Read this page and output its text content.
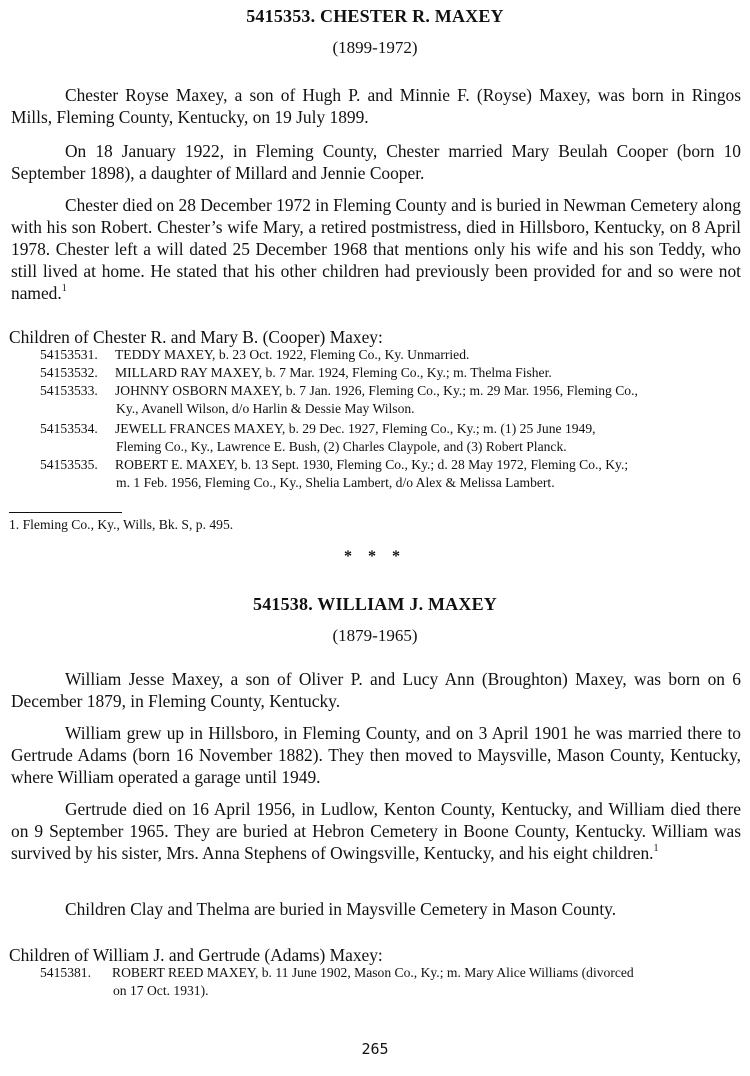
5415353. CHESTER R. MAXEY
(1899-1972)
Chester Royse Maxey, a son of Hugh P. and Minnie F. (Royse) Maxey, was born in Ringos Mills, Fleming County, Kentucky, on 19 July 1899.
On 18 January 1922, in Fleming County, Chester married Mary Beulah Cooper (born 10 September 1898), a daughter of Millard and Jennie Cooper.
Chester died on 28 December 1972 in Fleming County and is buried in Newman Cemetery along with his son Robert. Chester’s wife Mary, a retired postmistress, died in Hillsboro, Kentucky, on 8 April 1978. Chester left a will dated 25 December 1968 that mentions only his wife and his son Teddy, who still lived at home. He stated that his other children had previously been provided for and so were not named.$^1$
Children of Chester R. and Mary B. (Cooper) Maxey:
54153531. TEDDY MAXEY, b. 23 Oct. 1922, Fleming Co., Ky. Unmarried.
54153532. MILLARD RAY MAXEY, b. 7 Mar. 1924, Fleming Co., Ky.; m. Thelma Fisher.
54153533. JOHNNY OSBORN MAXEY, b. 7 Jan. 1926, Fleming Co., Ky.; m. 29 Mar. 1956, Fleming Co.,
Ky., Avanell Wilson, d/o Harlin & Dessie May Wilson.
54153534. JEWELL FRANCES MAXEY, b. 29 Dec. 1927, Fleming Co., Ky.; m. (1) 25 June 1949,
Fleming Co., Ky., Lawrence E. Bush, (2) Charles Claypole, and (3) Robert Planck.
54153535. ROBERT E. MAXEY, b. 13 Sept. 1930, Fleming Co., Ky.; d. 28 May 1972, Fleming Co., Ky.;
m. 1 Feb. 1956, Fleming Co., Ky., Shelia Lambert, d/o Alex & Melissa Lambert.
1. Fleming Co., Ky., Wills, Bk. S, p. 495.
* * *
541538. WILLIAM J. MAXEY
(1879-1965)
William Jesse Maxey, a son of Oliver P. and Lucy Ann (Broughton) Maxey, was born on 6 December 1879, in Fleming County, Kentucky.
William grew up in Hillsboro, in Fleming County, and on 3 April 1901 he was married there to Gertrude Adams (born 16 November 1882). They then moved to Maysville, Mason County, Kentucky, where William operated a garage until 1949.
Gertrude died on 16 April 1956, in Ludlow, Kenton County, Kentucky, and William died there on 9 September 1965. They are buried at Hebron Cemetery in Boone County, Kentucky. William was survived by his sister, Mrs. Anna Stephens of Owingsville, Kentucky, and his eight children.$^1$
Children Clay and Thelma are buried in Maysville Cemetery in Mason County.
Children of William J. and Gertrude (Adams) Maxey:
5415381. ROBERT REED MAXEY, b. 11 June 1902, Mason Co., Ky.; m. Mary Alice Williams (divorced
on 17 Oct. 1931).
265
